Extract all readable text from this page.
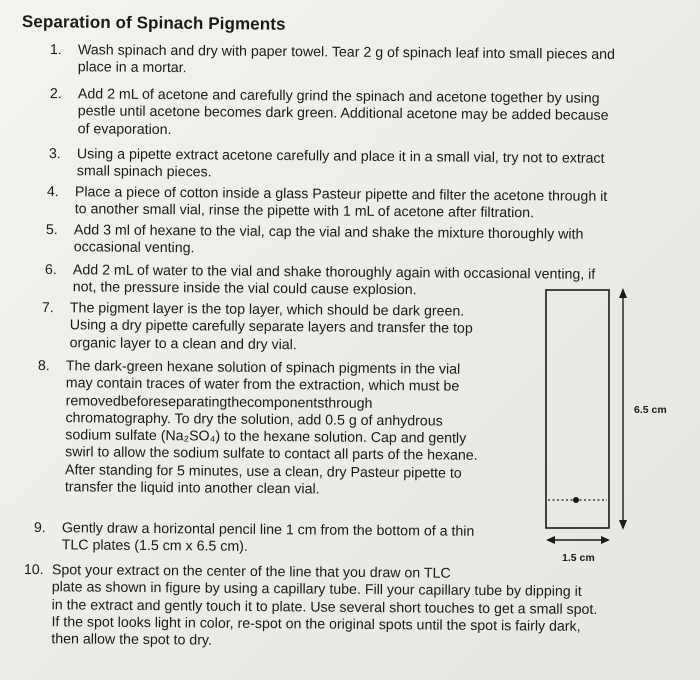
Separation of Spinach Pigments
1. Wash spinach and dry with paper towel. Tear 2 g of spinach leaf into small pieces and
place in a mortar.
2. Add 2 mL of acetone and carefully grind the spinach and acetone together by using
pestle until acetone becomes dark green. Additional acetone may be added because
of evaporation.
3. Using a pipette extract acetone carefully and place it in a small vial, try not to extract
small spinach pieces.
4. Place a piece of cotton inside a glass Pasteur pipette and filter the acetone through it
to another small vial, rinse the pipette with 1 mL of acetone after filtration.
5. Add 3 ml of hexane to the vial, cap the vial and shake the mixture thoroughly with
occasional venting.
6. Add 2 mL of water to the vial and shake thoroughly again with occasional venting, if
not, the pressure inside the vial could cause explosion.
7. The pigment layer is the top layer, which should be dark green.
Using a dry pipette carefully separate layers and transfer the top
organic layer to a clean and dry vial.
8. The dark-green hexane solution of spinach pigments in the vial
may contain traces of water from the extraction, which must be
removedbeforeseparatingthecomponentsthrough
chromatography. To dry the solution, add 0.5 g of anhydrous
sodium sulfate (Na₂SO₄) to the hexane solution. Cap and gently
swirl to allow the sodium sulfate to contact all parts of the hexane.
After standing for 5 minutes, use a clean, dry Pasteur pipette to
transfer the liquid into another clean vial.
9. Gently draw a horizontal pencil line 1 cm from the bottom of a thin
TLC plates (1.5 cm x 6.5 cm).
10. Spot your extract on the center of the line that you draw on TLC
plate as shown in figure by using a capillary tube. Fill your capillary tube by dipping it
in the extract and gently touch it to plate. Use several short touches to get a small spot.
If the spot looks light in color, re-spot on the original spots until the spot is fairly dark,
then allow the spot to dry.
6.5 cm
1.5 cm
